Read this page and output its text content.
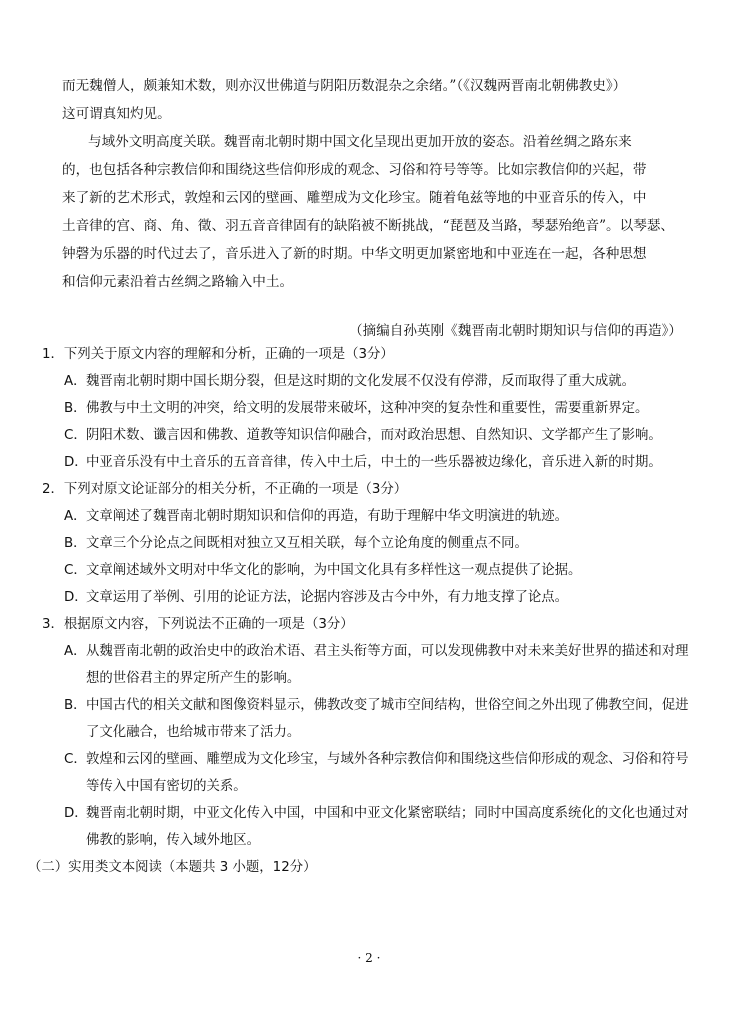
而无魏僧人，颇兼知术数，则亦汉世佛道与阴阳历数混杂之余绪。”（《汉魏两晋南北朝佛教史》）
这可谓真知灼见。
与域外文明高度关联。魏晋南北朝时期中国文化呈现出更加开放的姿态。沿着丝绸之路东来
的，也包括各种宗教信仰和围绕这些信仰形成的观念、习俗和符号等等。比如宗教信仰的兴起，带
来了新的艺术形式，敦煌和云冈的壁画、雕塑成为文化珍宝。随着龟兹等地的中亚音乐的传入，中
土音律的宫、商、角、徵、羽五音音律固有的缺陷被不断挑战，“琵琶及当路，琴瑟殆绝音”。以琴瑟、
钟磬为乐器的时代过去了，音乐进入了新的时期。中华文明更加紧密地和中亚连在一起，各种思想
和信仰元素沿着古丝绸之路输入中土。
（摘编自孙英刚《魏晋南北朝时期知识与信仰的再造》）
1．下列关于原文内容的理解和分析，正确的一项是（3分）
A． 魏晋南北朝时期中国长期分裂，但是这时期的文化发展不仅没有停滞，反而取得了重大成就。
B． 佛教与中土文明的冲突，给文明的发展带来破坏，这种冲突的复杂性和重要性，需要重新界定。
C． 阴阳术数、谶言因和佛教、道教等知识信仰融合，而对政治思想、自然知识、文学都产生了影响。
D．
中亚音乐没有中土音乐的五音音律，传入中土后，中土的一些乐器被边缘化，音乐进入新的时期。
2．下列对原文论证部分的相关分析，不正确的一项是（3分）
A． 文章阐述了魏晋南北朝时期知识和信仰的再造，有助于理解中华文明演进的轨迹。
B． 文章三个分论点之间既相对独立又互相关联，每个立论角度的侧重点不同。
C． 文章阐述域外文明对中华文化的影响，为中国文化具有多样性这一观点提供了论据。
D．
文章运用了举例、引用的论证方法，论据内容涉及古今中外，有力地支撑了论点。
3．根据原文内容，下列说法不正确的一项是（3分）
A． 从魏晋南北朝的政治史中的政治术语、君主头衔等方面，可以发现佛教中对未来美好世界的描述和对理想的世俗君主的界定所产生的影响。
B． 中国古代的相关文献和图像资料显示，佛教改变了城市空间结构，世俗空间之外出现了佛教空间，促进了文化融合，也给城市带来了活力。
C． 敦煌和云冈的壁画、雕塑成为文化珍宝，与域外各种宗教信仰和围绕这些信仰形成的观念、习俗和符号等传入中国有密切的关系。
D．
魏晋南北朝时期，中亚文化传入中国，中国和中亚文化紧密联结；同时中国高度系统化的文化也通过对佛教的影响，传入域外地区。
（二）实用类文本阅读（本题共 3 小题，12分）
· 2 ·
